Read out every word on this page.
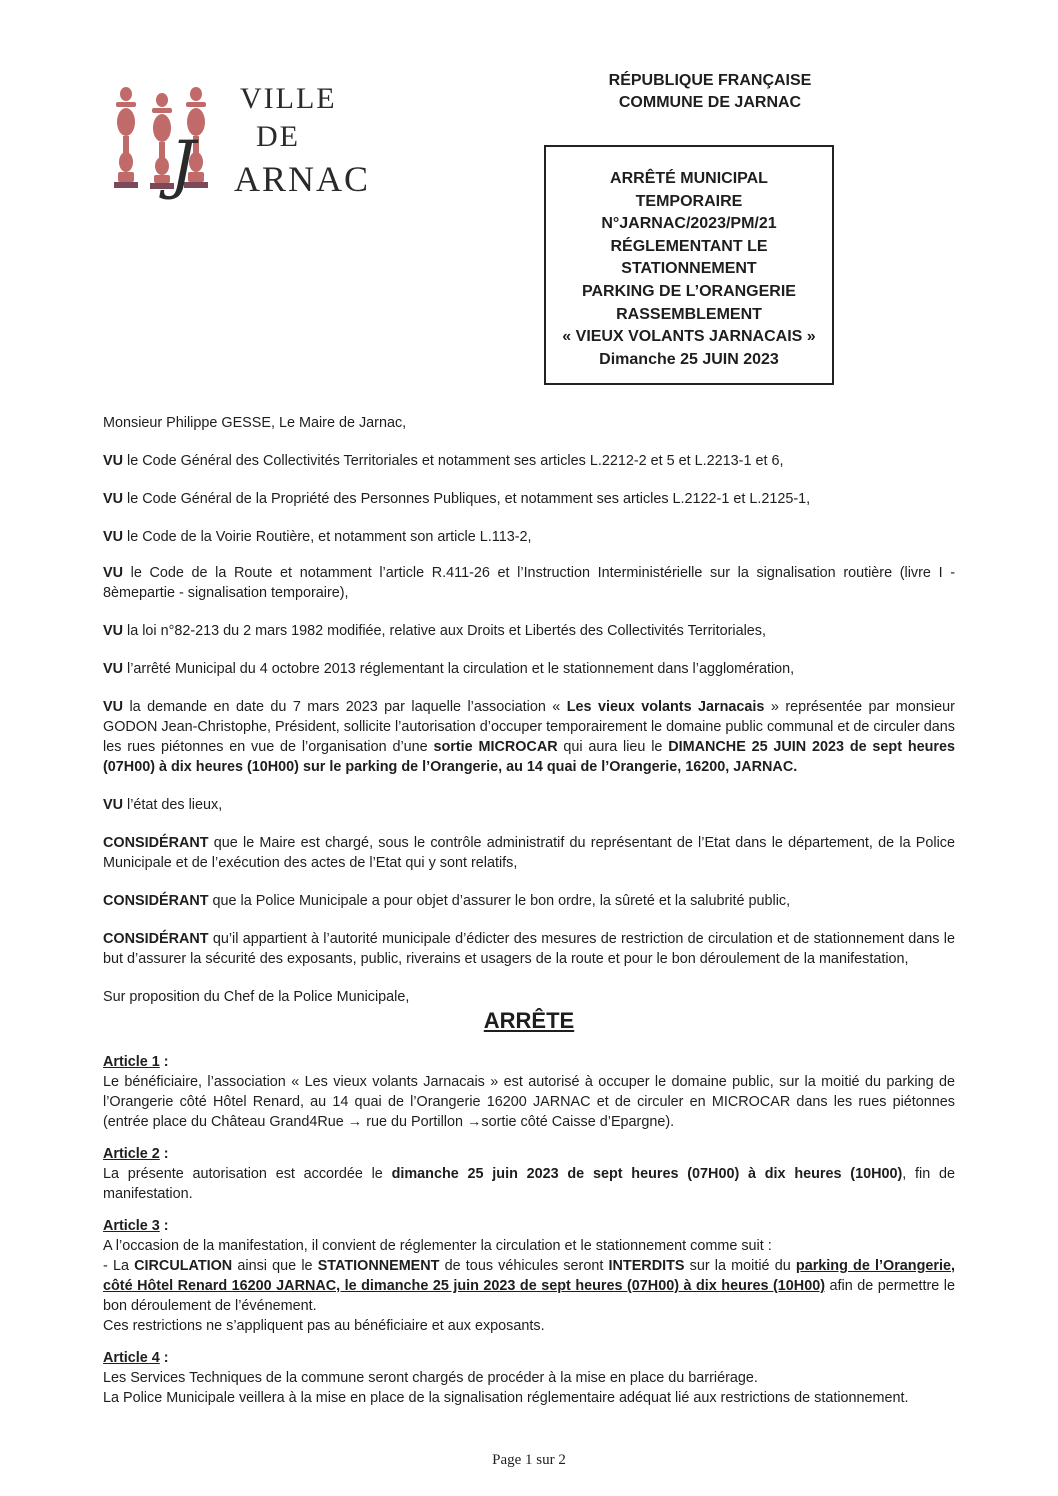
VILLE
DE
J ARNAC
RÉPUBLIQUE FRANÇAISE
COMMUNE DE JARNAC
ARRÊTÉ MUNICIPAL
TEMPORAIRE
N°JARNAC/2023/PM/21
RÉGLEMENTANT LE
STATIONNEMENT
PARKING DE L’ORANGERIE
RASSEMBLEMENT
« VIEUX VOLANTS JARNACAIS »
Dimanche 25 JUIN 2023

Monsieur Philippe GESSE, Le Maire de Jarnac,

VU le Code Général des Collectivités Territoriales et notamment ses articles L.2212-2 et 5 et L.2213-1 et 6,

VU le Code Général de la Propriété des Personnes Publiques, et notamment ses articles L.2122-1 et L.2125-1,

VU le Code de la Voirie Routière, et notamment son article L.113-2,

VU le Code de la Route et notamment l’article R.411-26 et l’Instruction Interministérielle sur la signalisation routière (livre I - 8èmepartie - signalisation temporaire),

VU la loi n°82-213 du 2 mars 1982 modifiée, relative aux Droits et Libertés des Collectivités Territoriales,

VU l’arrêté Municipal du 4 octobre 2013 réglementant la circulation et le stationnement dans l’agglomération,

VU la demande en date du 7 mars 2023 par laquelle l’association « Les vieux volants Jarnacais » représentée par monsieur GODON Jean-Christophe, Président, sollicite l’autorisation d’occuper temporairement le domaine public communal et de circuler dans les rues piétonnes en vue de l’organisation d’une sortie MICROCAR qui aura lieu le DIMANCHE 25 JUIN 2023 de sept heures (07H00) à dix heures (10H00) sur le parking de l’Orangerie, au 14 quai de l’Orangerie, 16200, JARNAC.

VU l’état des lieux,

CONSIDÉRANT que le Maire est chargé, sous le contrôle administratif du représentant de l’Etat dans le département, de la Police Municipale et de l’exécution des actes de l’Etat qui y sont relatifs,

CONSIDÉRANT que la Police Municipale a pour objet d’assurer le bon ordre, la sûreté et la salubrité public,

CONSIDÉRANT qu’il appartient à l’autorité municipale d’édicter des mesures de restriction de circulation et de stationnement dans le but d’assurer la sécurité des exposants, public, riverains et usagers de la route et pour le bon déroulement de la manifestation,

Sur proposition du Chef de la Police Municipale,

ARRÊTE
Article 1 :
Le bénéficiaire, l’association « Les vieux volants Jarnacais » est autorisé à occuper le domaine public, sur la moitié du parking de l’Orangerie côté Hôtel Renard, au 14 quai de l’Orangerie 16200 JARNAC et de circuler en MICROCAR dans les rues piétonnes (entrée place du Château Grand4Rue → rue du Portillon →sortie côté Caisse d’Epargne).
Article 2 :
La présente autorisation est accordée le dimanche 25 juin 2023 de sept heures (07H00) à dix heures (10H00), fin de manifestation.
Article 3 :
A l’occasion de la manifestation, il convient de réglementer la circulation et le stationnement comme suit :
- La CIRCULATION ainsi que le STATIONNEMENT de tous véhicules seront INTERDITS sur la moitié du parking de l’Orangerie, côté Hôtel Renard 16200 JARNAC, le dimanche 25 juin 2023 de sept heures (07H00) à dix heures (10H00) afin de permettre le bon déroulement de l’événement.
Ces restrictions ne s’appliquent pas au bénéficiaire et aux exposants.
Article 4 :
Les Services Techniques de la commune seront chargés de procéder à la mise en place du barriérage.
La Police Municipale veillera à la mise en place de la signalisation réglementaire adéquat lié aux restrictions de stationnement.
Page 1 sur 2
